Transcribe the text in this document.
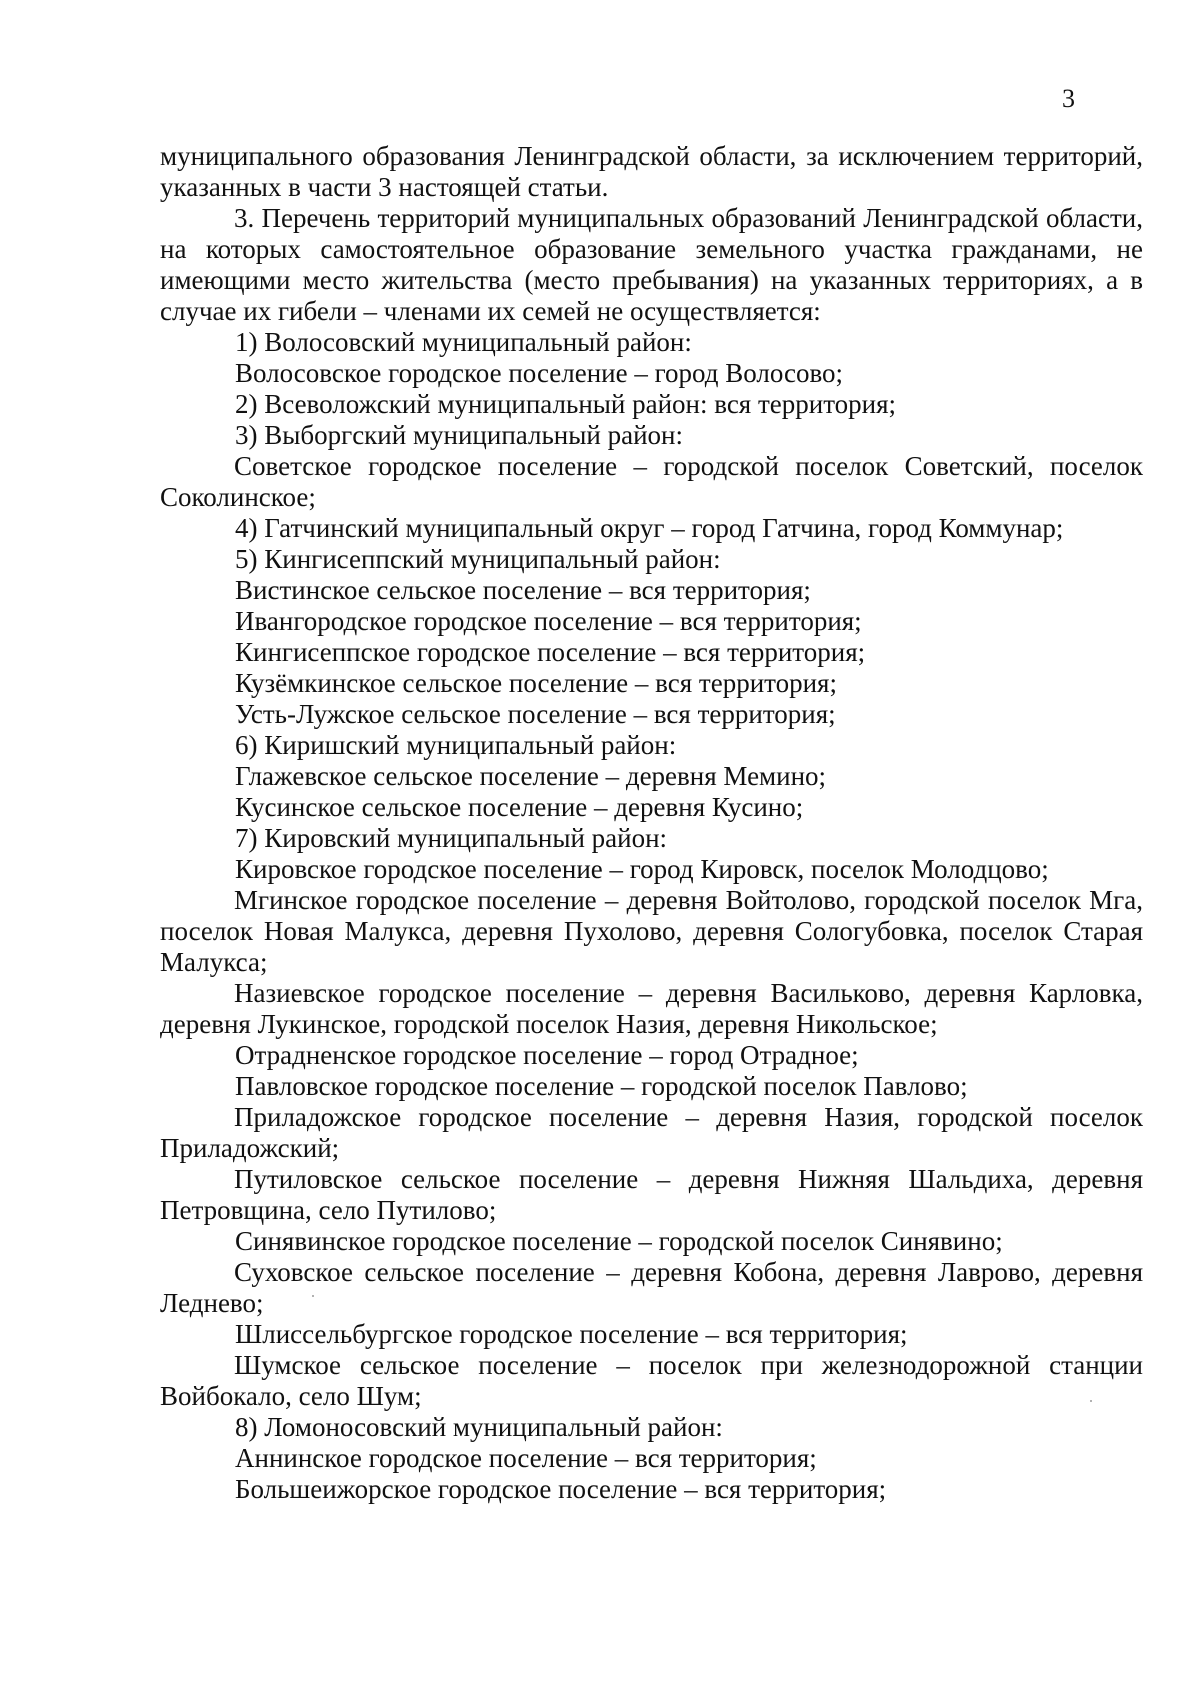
3

муниципального образования Ленинградской области, за исключением территорий, указанных в части 3 настоящей статьи.

3. Перечень территорий муниципальных образований Ленинградской области, на которых самостоятельное образование земельного участка гражданами, не имеющими место жительства (место пребывания) на указанных территориях, а в случае их гибели – членами их семей не осуществляется:

1) Волосовский муниципальный район:

Волосовское городское поселение – город Волосово;

2) Всеволожский муниципальный район: вся территория;

3) Выборгский муниципальный район:

Советское городское поселение – городской поселок Советский, поселок Соколинское;

4) Гатчинский муниципальный округ – город Гатчина, город Коммунар;

5) Кингисеппский муниципальный район:

Вистинское сельское поселение – вся территория;

Ивангородское городское поселение – вся территория;

Кингисеппское городское поселение – вся территория;

Кузёмкинское сельское поселение – вся территория;

Усть-Лужское сельское поселение – вся территория;

6) Киришский муниципальный район:

Глажевское сельское поселение – деревня Мемино;

Кусинское сельское поселение – деревня Кусино;

7) Кировский муниципальный район:

Кировское городское поселение – город Кировск, поселок Молодцово;

Мгинское городское поселение – деревня Войтолово, городской поселок Мга, поселок Новая Малукса, деревня Пухолово, деревня Сологубовка, поселок Старая Малукса;

Назиевское городское поселение – деревня Васильково, деревня Карловка, деревня Лукинское, городской поселок Назия, деревня Никольское;

Отрадненское городское поселение – город Отрадное;

Павловское городское поселение – городской поселок Павлово;

Приладожское городское поселение – деревня Назия, городской поселок Приладожский;

Путиловское сельское поселение – деревня Нижняя Шальдиха, деревня Петровщина, село Путилово;

Синявинское городское поселение – городской поселок Синявино;

Суховское сельское поселение – деревня Кобона, деревня Лаврово, деревня Леднево;

Шлиссельбургское городское поселение – вся территория;

Шумское сельское поселение – поселок при железнодорожной станции Войбокало, село Шум;

8) Ломоносовский муниципальный район:

Аннинское городское поселение – вся территория;

Большеижорское городское поселение – вся территория;
